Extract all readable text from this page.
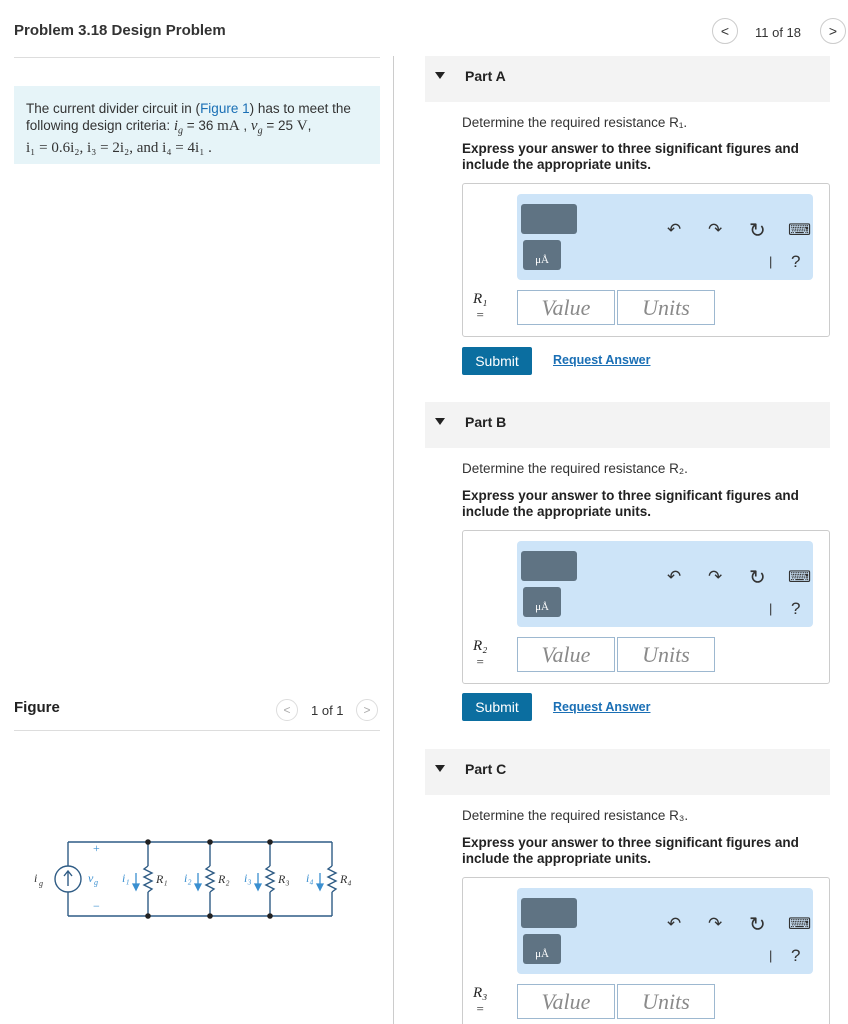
Problem 3.18 Design Problem	< 11 of 18 >
The current divider circuit in (Figure 1) has to meet the
following design criteria: $i_g = 36$ mA , $v_g = 25$ V,
i₁ = 0.6i₂, i₃ = 2i₂, and i₄ = 4i₁ .
Figure	< 1 of 1 >
i g
+
−
v g i₁	i₂	i₃	i₄
R₁	R₂	R₃	R₄
Part A
Determine the required resistance R₁.
Express your answer to three significant figures and include the appropriate units.
μÅ
↶ ↷ ↻ ⌨
| ?
R₁
=	Value	Units
Submit	Request Answer
Part B
Determine the required resistance R₂.
Express your answer to three significant figures and include the appropriate units.
μÅ
↶ ↷ ↻ ⌨
| ?
R₂
=	Value	Units
Submit	Request Answer
Part C
Determine the required resistance R₃.
Express your answer to three significant figures and include the appropriate units.
μÅ
↶ ↷ ↻ ⌨
| ?
R₃
=	Value	Units
